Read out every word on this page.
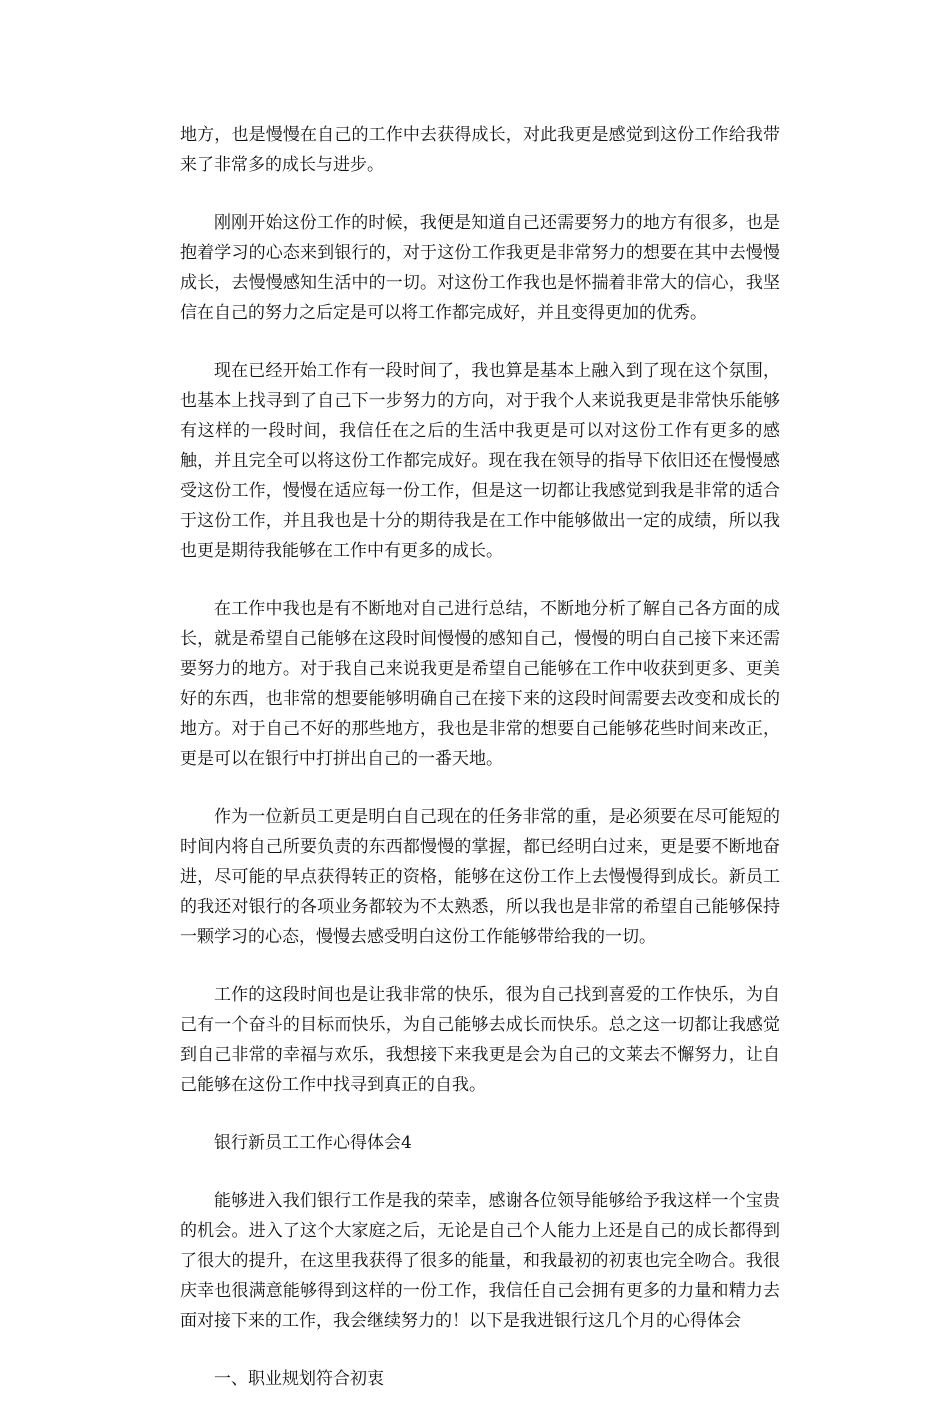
地方，也是慢慢在自己的工作中去获得成长，对此我更是感觉到这份工作给我带来了非常多的成长与进步。

刚刚开始这份工作的时候，我便是知道自己还需要努力的地方有很多，也是抱着学习的心态来到银行的，对于这份工作我更是非常努力的想要在其中去慢慢成长，去慢慢感知生活中的一切。对这份工作我也是怀揣着非常大的信心，我坚信在自己的努力之后定是可以将工作都完成好，并且变得更加的优秀。

现在已经开始工作有一段时间了，我也算是基本上融入到了现在这个氛围，也基本上找寻到了自己下一步努力的方向，对于我个人来说我更是非常快乐能够有这样的一段时间，我信任在之后的生活中我更是可以对这份工作有更多的感触，并且完全可以将这份工作都完成好。现在我在领导的指导下依旧还在慢慢感受这份工作，慢慢在适应每一份工作，但是这一切都让我感觉到我是非常的适合于这份工作，并且我也是十分的期待我是在工作中能够做出一定的成绩，所以我也更是期待我能够在工作中有更多的成长。

在工作中我也是有不断地对自己进行总结，不断地分析了解自己各方面的成长，就是希望自己能够在这段时间慢慢的感知自己，慢慢的明白自己接下来还需要努力的地方。对于我自己来说我更是希望自己能够在工作中收获到更多、更美好的东西，也非常的想要能够明确自己在接下来的这段时间需要去改变和成长的地方。对于自己不好的那些地方，我也是非常的想要自己能够花些时间来改正，更是可以在银行中打拼出自己的一番天地。

作为一位新员工更是明白自己现在的任务非常的重，是必须要在尽可能短的时间内将自己所要负责的东西都慢慢的掌握，都已经明白过来，更是要不断地奋进，尽可能的早点获得转正的资格，能够在这份工作上去慢慢得到成长。新员工的我还对银行的各项业务都较为不太熟悉，所以我也是非常的希望自己能够保持一颗学习的心态，慢慢去感受明白这份工作能够带给我的一切。

工作的这段时间也是让我非常的快乐，很为自己找到喜爱的工作快乐，为自己有一个奋斗的目标而快乐，为自己能够去成长而快乐。总之这一切都让我感觉到自己非常的幸福与欢乐，我想接下来我更是会为自己的文莱去不懈努力，让自己能够在这份工作中找寻到真正的自我。

银行新员工工作心得体会4

能够进入我们银行工作是我的荣幸，感谢各位领导能够给予我这样一个宝贵的机会。进入了这个大家庭之后，无论是自己个人能力上还是自己的成长都得到了很大的提升，在这里我获得了很多的能量，和我最初的初衷也完全吻合。我很庆幸也很满意能够得到这样的一份工作，我信任自己会拥有更多的力量和精力去面对接下来的工作，我会继续努力的！以下是我进银行这几个月的心得体会

一、职业规划符合初衷
